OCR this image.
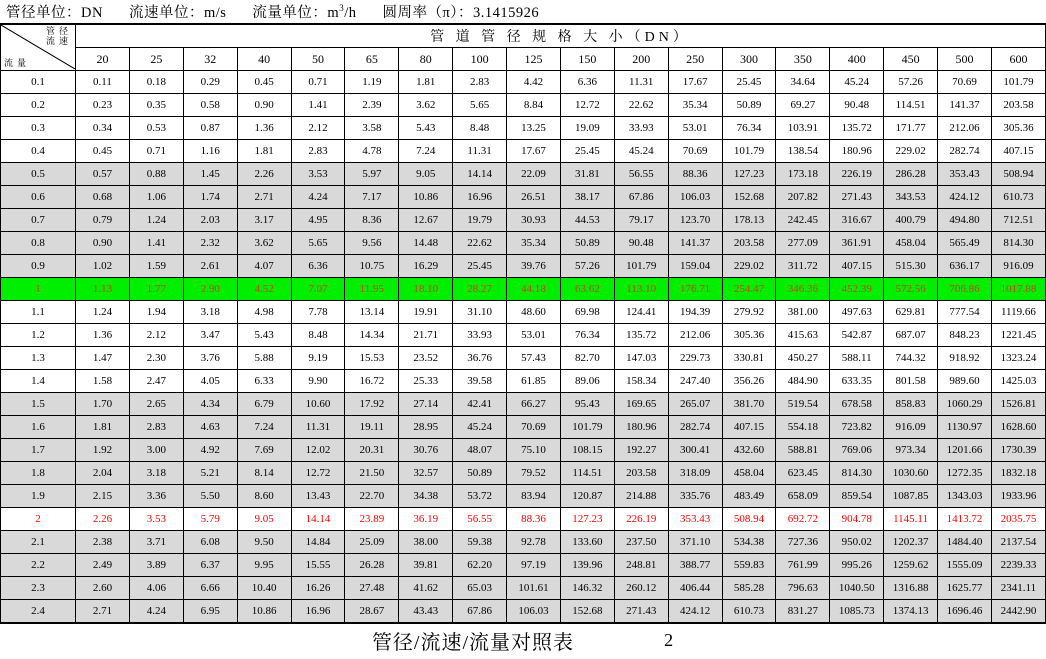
管径单位：DN 流速单位：m/s 流量单位：$m^3/h$ 圆周率（π）：3.1415926
管径
流速
流量	管 道 管 径 规 格 大 小（DN）																	
	20	25	32	40	50	65	80	100	125	150	200	250	300	350	400	450	500	600
0.1	0.11	0.18	0.29	0.45	0.71	1.19	1.81	2.83	4.42	6.36	11.31	17.67	25.45	34.64	45.24	57.26	70.69	101.79
0.2	0.23	0.35	0.58	0.90	1.41	2.39	3.62	5.65	8.84	12.72	22.62	35.34	50.89	69.27	90.48	114.51	141.37	203.58
0.3	0.34	0.53	0.87	1.36	2.12	3.58	5.43	8.48	13.25	19.09	33.93	53.01	76.34	103.91	135.72	171.77	212.06	305.36
0.4	0.45	0.71	1.16	1.81	2.83	4.78	7.24	11.31	17.67	25.45	45.24	70.69	101.79	138.54	180.96	229.02	282.74	407.15
0.5	0.57	0.88	1.45	2.26	3.53	5.97	9.05	14.14	22.09	31.81	56.55	88.36	127.23	173.18	226.19	286.28	353.43	508.94
0.6	0.68	1.06	1.74	2.71	4.24	7.17	10.86	16.96	26.51	38.17	67.86	106.03	152.68	207.82	271.43	343.53	424.12	610.73
0.7	0.79	1.24	2.03	3.17	4.95	8.36	12.67	19.79	30.93	44.53	79.17	123.70	178.13	242.45	316.67	400.79	494.80	712.51
0.8	0.90	1.41	2.32	3.62	5.65	9.56	14.48	22.62	35.34	50.89	90.48	141.37	203.58	277.09	361.91	458.04	565.49	814.30
0.9	1.02	1.59	2.61	4.07	6.36	10.75	16.29	25.45	39.76	57.26	101.79	159.04	229.02	311.72	407.15	515.30	636.17	916.09
1	1.13	1.77	2.90	4.52	7.07	11.95	18.10	28.27	44.18	63.62	113.10	176.71	254.47	346.36	452.39	572.56	706.86	1017.88
1.1	1.24	1.94	3.18	4.98	7.78	13.14	19.91	31.10	48.60	69.98	124.41	194.39	279.92	381.00	497.63	629.81	777.54	1119.66
1.2	1.36	2.12	3.47	5.43	8.48	14.34	21.71	33.93	53.01	76.34	135.72	212.06	305.36	415.63	542.87	687.07	848.23	1221.45
1.3	1.47	2.30	3.76	5.88	9.19	15.53	23.52	36.76	57.43	82.70	147.03	229.73	330.81	450.27	588.11	744.32	918.92	1323.24
1.4	1.58	2.47	4.05	6.33	9.90	16.72	25.33	39.58	61.85	89.06	158.34	247.40	356.26	484.90	633.35	801.58	989.60	1425.03
1.5	1.70	2.65	4.34	6.79	10.60	17.92	27.14	42.41	66.27	95.43	169.65	265.07	381.70	519.54	678.58	858.83	1060.29	1526.81
1.6	1.81	2.83	4.63	7.24	11.31	19.11	28.95	45.24	70.69	101.79	180.96	282.74	407.15	554.18	723.82	916.09	1130.97	1628.60
1.7	1.92	3.00	4.92	7.69	12.02	20.31	30.76	48.07	75.10	108.15	192.27	300.41	432.60	588.81	769.06	973.34	1201.66	1730.39
1.8	2.04	3.18	5.21	8.14	12.72	21.50	32.57	50.89	79.52	114.51	203.58	318.09	458.04	623.45	814.30	1030.60	1272.35	1832.18
1.9	2.15	3.36	5.50	8.60	13.43	22.70	34.38	53.72	83.94	120.87	214.88	335.76	483.49	658.09	859.54	1087.85	1343.03	1933.96
2	2.26	3.53	5.79	9.05	14.14	23.89	36.19	56.55	88.36	127.23	226.19	353.43	508.94	692.72	904.78	1145.11	1413.72	2035.75
2.1	2.38	3.71	6.08	9.50	14.84	25.09	38.00	59.38	92.78	133.60	237.50	371.10	534.38	727.36	950.02	1202.37	1484.40	2137.54
2.2	2.49	3.89	6.37	9.95	15.55	26.28	39.81	62.20	97.19	139.96	248.81	388.77	559.83	761.99	995.26	1259.62	1555.09	2239.33
2.3	2.60	4.06	6.66	10.40	16.26	27.48	41.62	65.03	101.61	146.32	260.12	406.44	585.28	796.63	1040.50	1316.88	1625.77	2341.11
2.4	2.71	4.24	6.95	10.86	16.96	28.67	43.43	67.86	106.03	152.68	271.43	424.12	610.73	831.27	1085.73	1374.13	1696.46	2442.90
管径/流速/流量对照表	2
